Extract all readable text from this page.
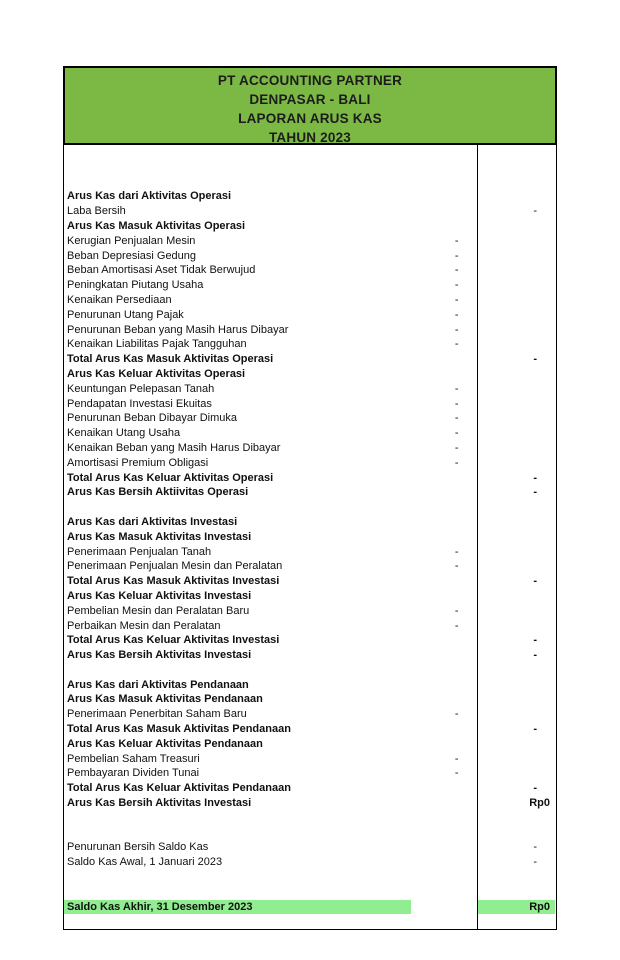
PT ACCOUNTING PARTNER
DENPASAR - BALI
LAPORAN ARUS KAS
TAHUN 2023
Arus Kas dari Aktivitas Operasi
Laba Bersih	-
Arus Kas Masuk Aktivitas Operasi
Kerugian Penjualan Mesin	-
Beban Depresiasi Gedung	-
Beban Amortisasi Aset Tidak Berwujud	-
Peningkatan Piutang Usaha	-
Kenaikan Persediaan	-
Penurunan Utang Pajak	-
Penurunan Beban yang Masih Harus Dibayar	-
Kenaikan Liabilitas Pajak Tangguhan	-
Total Arus Kas Masuk Aktivitas Operasi	-
Arus Kas Keluar Aktivitas Operasi
Keuntungan Pelepasan Tanah	-
Pendapatan Investasi Ekuitas	-
Penurunan Beban Dibayar Dimuka	-
Kenaikan Utang Usaha	-
Kenaikan Beban yang Masih Harus Dibayar	-
Amortisasi Premium Obligasi	-
Total Arus Kas Keluar Aktivitas Operasi	-
Arus Kas Bersih Aktiivitas Operasi	-
Arus Kas dari Aktivitas Investasi
Arus Kas Masuk Aktivitas Investasi
Penerimaan Penjualan Tanah	-
Penerimaan Penjualan Mesin dan Peralatan	-
Total Arus Kas Masuk Aktivitas Investasi	-
Arus Kas Keluar Aktivitas Investasi
Pembelian Mesin dan Peralatan Baru	-
Perbaikan Mesin dan Peralatan	-
Total Arus Kas Keluar Aktivitas Investasi	-
Arus Kas Bersih Aktivitas Investasi	-
Arus Kas dari Aktivitas Pendanaan
Arus Kas Masuk Aktivitas Pendanaan
Penerimaan Penerbitan Saham Baru	-
Total Arus Kas Masuk Aktivitas Pendanaan	-
Arus Kas Keluar Aktivitas Pendanaan
Pembelian Saham Treasuri	-
Pembayaran Dividen Tunai	-
Total Arus Kas Keluar Aktivitas Pendanaan	-
Arus Kas Bersih Aktivitas Investasi	Rp0
Penurunan Bersih Saldo Kas	-
Saldo Kas Awal, 1 Januari 2023	-
Saldo Kas Akhir, 31 Desember 2023	Rp0
